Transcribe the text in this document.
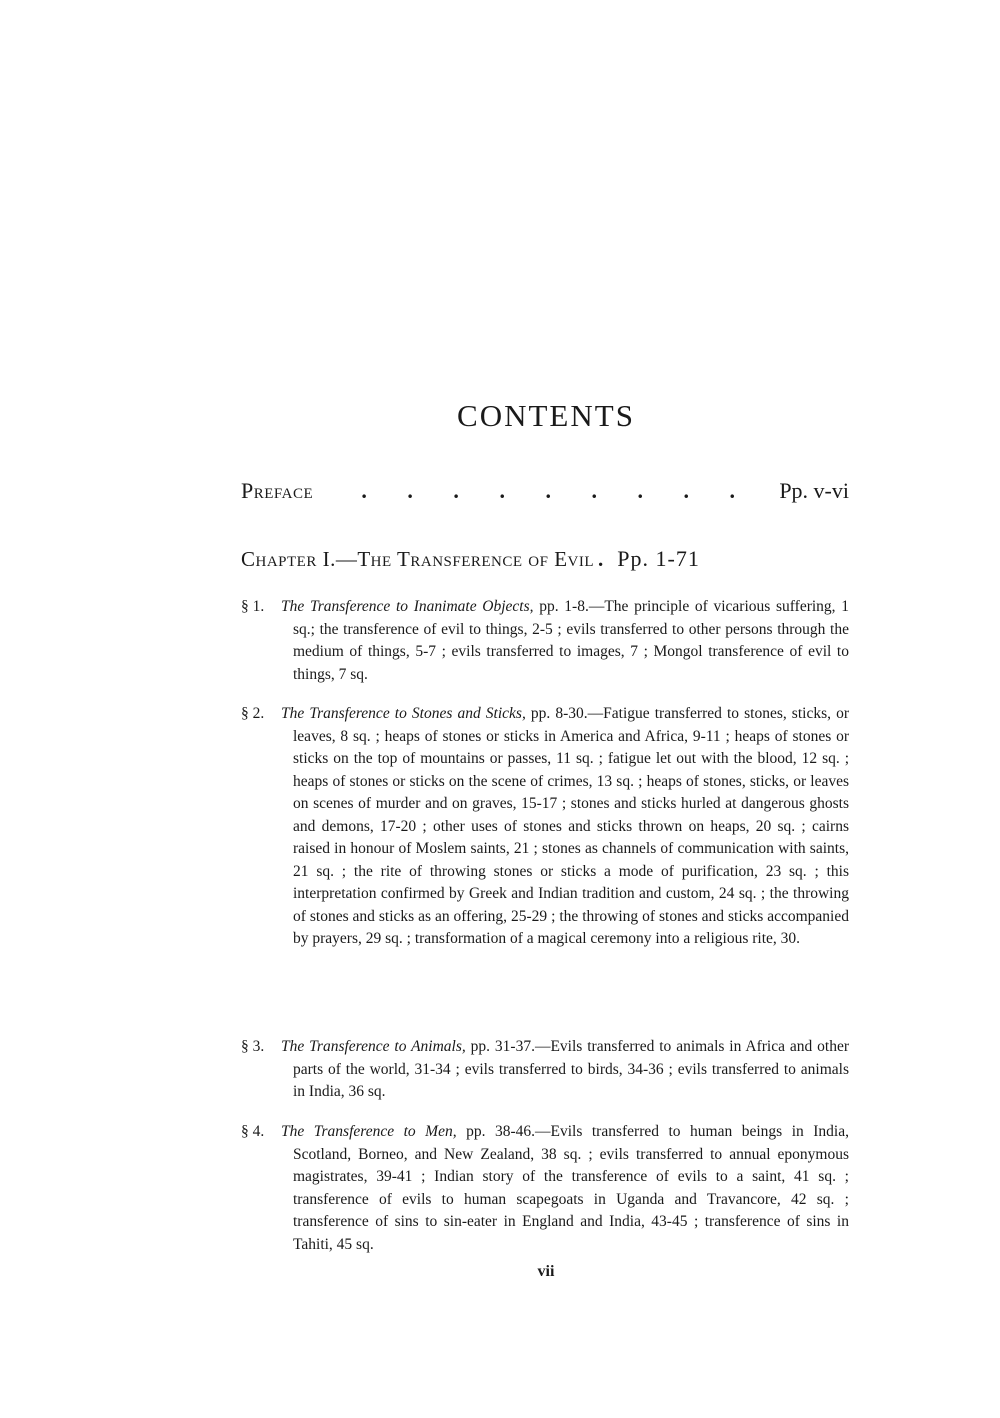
CONTENTS
Preface . . . . . . . . . Pp. v-vi
Chapter I.—The Transference of Evil . Pp. 1-71

§ 1. The Transference to Inanimate Objects, pp. 1-8.—The principle of vicarious suffering, 1 sq.; the transference of evil to things, 2-5 ; evils transferred to other persons through the medium of things, 5-7 ; evils transferred to images, 7 ; Mongol transference of evil to things, 7 sq.

§ 2. The Transference to Stones and Sticks, pp. 8-30.—Fatigue transferred to stones, sticks, or leaves, 8 sq. ; heaps of stones or sticks in America and Africa, 9-11 ; heaps of stones or sticks on the top of mountains or passes, 11 sq. ; fatigue let out with the blood, 12 sq. ; heaps of stones or sticks on the scene of crimes, 13 sq. ; heaps of stones, sticks, or leaves on scenes of murder and on graves, 15-17 ; stones and sticks hurled at dangerous ghosts and demons, 17-20 ; other uses of stones and sticks thrown on heaps, 20 sq. ; cairns raised in honour of Moslem saints, 21 ; stones as channels of communication with saints, 21 sq. ; the rite of throwing stones or sticks a mode of purification, 23 sq. ; this interpretation confirmed by Greek and Indian tradition and custom, 24 sq. ; the throwing of stones and sticks as an offering, 25-29 ; the throwing of stones and sticks accompanied by prayers, 29 sq. ; transformation of a magical ceremony into a religious rite, 30.

§ 3. The Transference to Animals, pp. 31-37.—Evils transferred to animals in Africa and other parts of the world, 31-34 ; evils transferred to birds, 34-36 ; evils transferred to animals in India, 36 sq.

§ 4. The Transference to Men, pp. 38-46.—Evils transferred to human beings in India, Scotland, Borneo, and New Zealand, 38 sq. ; evils transferred to annual eponymous magistrates, 39-41 ; Indian story of the transference of evils to a saint, 41 sq. ; transference of evils to human scapegoats in Uganda and Travancore, 42 sq. ; transference of sins to sin-eater in England and India, 43-45 ; transference of sins in Tahiti, 45 sq.

vii
